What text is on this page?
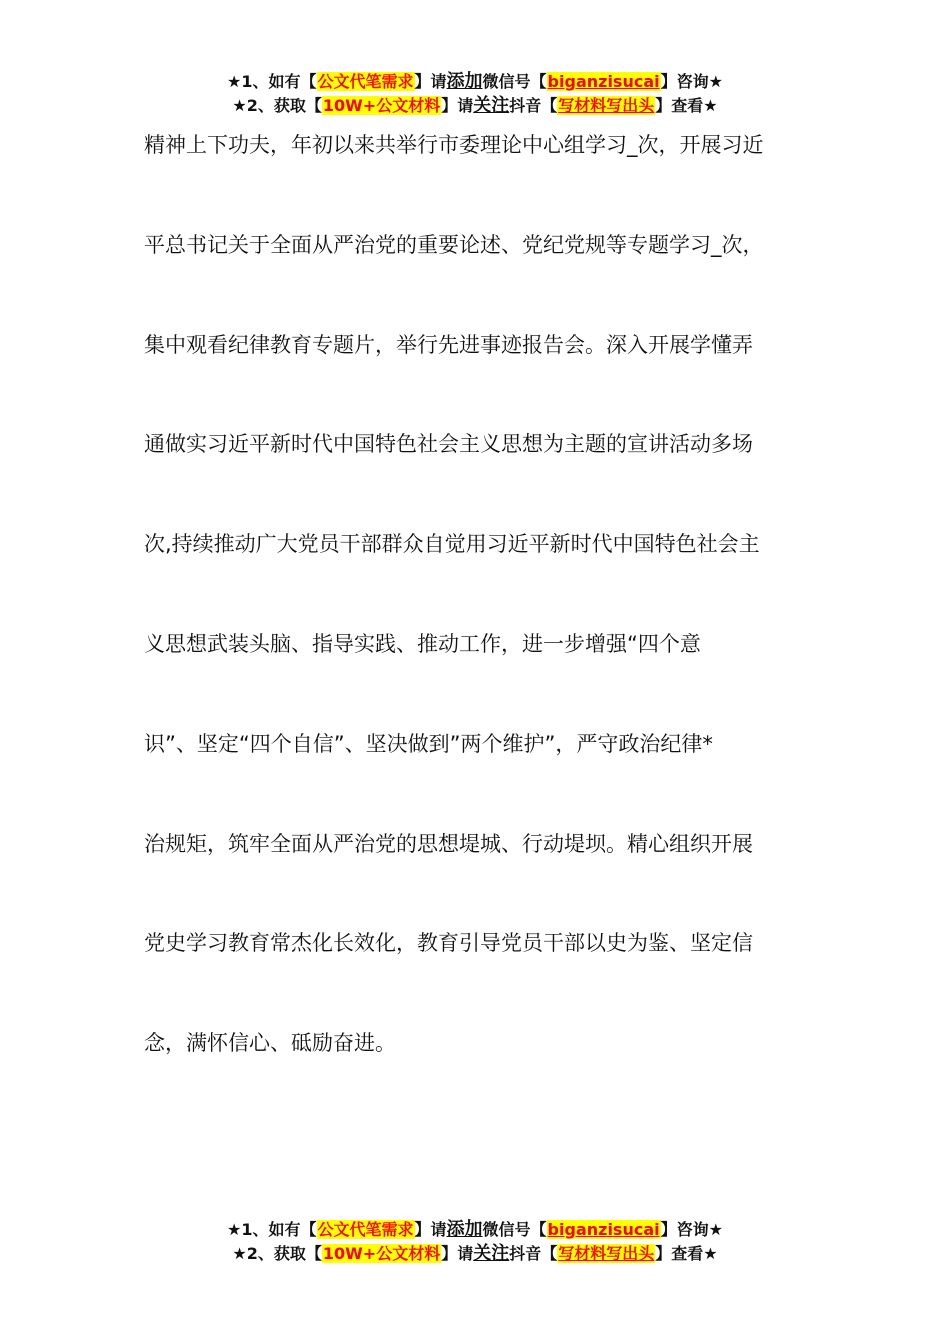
★1、如有【公文代笔需求】请添加微信号【biganzisucai】咨询★
★2、获取【10W+公文材料】请关注抖音【写材料写出头】查看★
精神上下功夫，年初以来共举行市委理论中心组学习_次，开展习近
平总书记关于全面从严治党的重要论述、党纪党规等专题学习_次，
集中观看纪律教育专题片，举行先进事迹报告会。深入开展学懂弄
通做实习近平新时代中国特色社会主义思想为主题的宣讲活动多场
次,持续推动广大党员干部群众自觉用习近平新时代中国特色社会主
义思想武装头脑、指导实践、推动工作，进一步增强“四个意
识”、坚定“四个自信”、坚决做到”两个维护”，严守政治纪律*
治规矩，筑牢全面从严治党的思想堤城、行动堤坝。精心组织开展
党史学习教育常杰化长效化，教育引导党员干部以史为鉴、坚定信
念，满怀信心、砥励奋进。
★1、如有【公文代笔需求】请添加微信号【biganzisucai】咨询★
★2、获取【10W+公文材料】请关注抖音【写材料写出头】查看★
